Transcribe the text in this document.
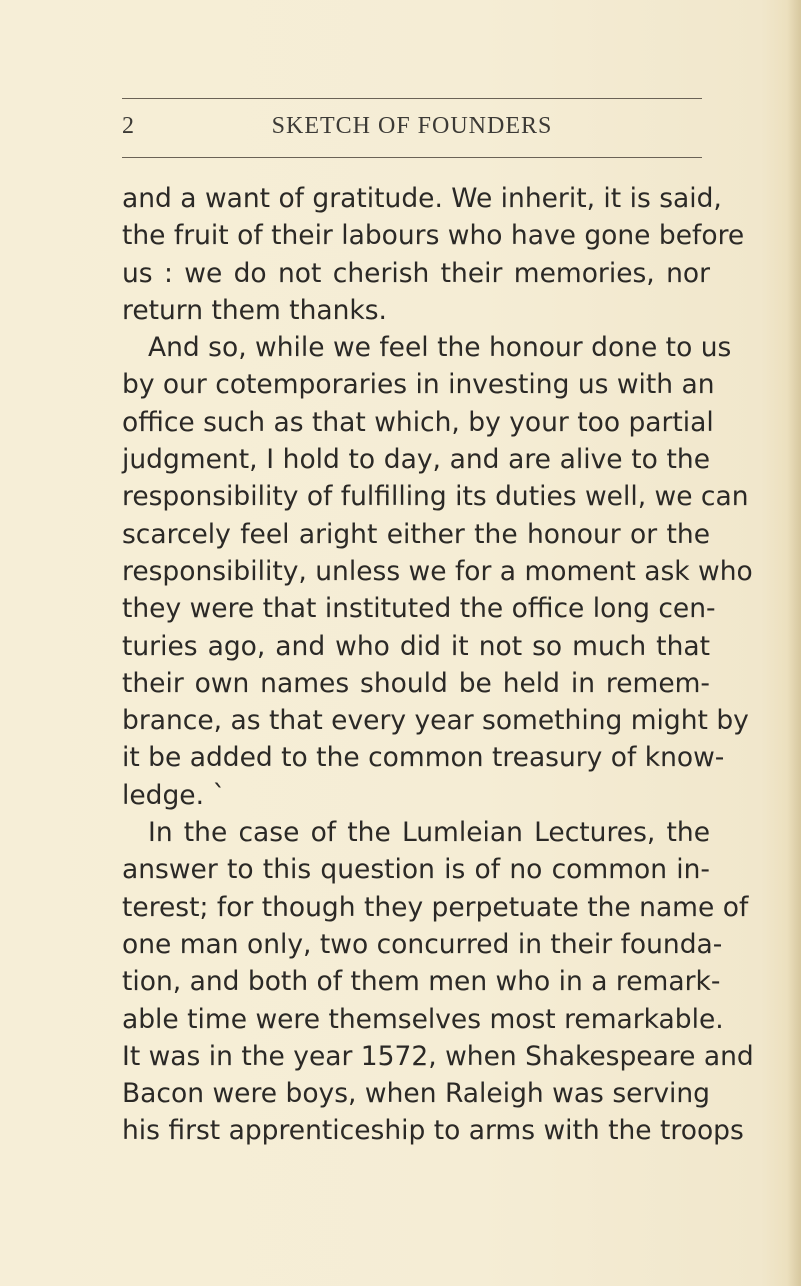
2	SKETCH OF FOUNDERS
and a want of gratitude. We inherit, it is said,
the fruit of their labours who have gone before
us : we do not cherish their memories, nor
return them thanks.
And so, while we feel the honour done to us
by our cotemporaries in investing us with an
office such as that which, by your too partial
judgment, I hold to day, and are alive to the
responsibility of fulfilling its duties well, we can
scarcely feel aright either the honour or the
responsibility, unless we for a moment ask who
they were that instituted the office long cen-
turies ago, and who did it not so much that
their own names should be held in remem-
brance, as that every year something might by
it be added to the common treasury of know-
ledge. `
In the case of the Lumleian Lectures, the
answer to this question is of no common in-
terest; for though they perpetuate the name of
one man only, two concurred in their founda-
tion, and both of them men who in a remark-
able time were themselves most remarkable.
It was in the year 1572, when Shakespeare and
Bacon were boys, when Raleigh was serving
his first apprenticeship to arms with the troops
